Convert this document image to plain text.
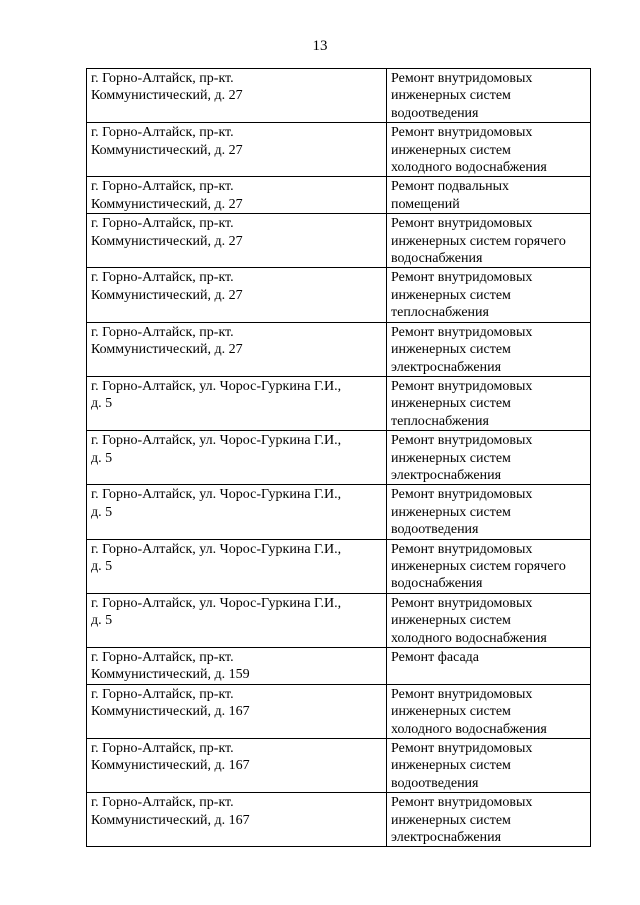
13
г. Горно-Алтайск, пр-кт.
Коммунистический, д. 27	Ремонт внутридомовых
инженерных систем
водоотведения

г. Горно-Алтайск, пр-кт.
Коммунистический, д. 27	Ремонт внутридомовых
инженерных систем
холодного водоснабжения

г. Горно-Алтайск, пр-кт.
Коммунистический, д. 27	Ремонт подвальных
помещений

г. Горно-Алтайск, пр-кт.
Коммунистический, д. 27	Ремонт внутридомовых
инженерных систем горячего
водоснабжения

г. Горно-Алтайск, пр-кт.
Коммунистический, д. 27	Ремонт внутридомовых
инженерных систем
теплоснабжения

г. Горно-Алтайск, пр-кт.
Коммунистический, д. 27	Ремонт внутридомовых
инженерных систем
электроснабжения

г. Горно-Алтайск, ул. Чорос-Гуркина Г.И.,
д. 5	Ремонт внутридомовых
инженерных систем
теплоснабжения

г. Горно-Алтайск, ул. Чорос-Гуркина Г.И.,
д. 5	Ремонт внутридомовых
инженерных систем
электроснабжения

г. Горно-Алтайск, ул. Чорос-Гуркина Г.И.,
д. 5	Ремонт внутридомовых
инженерных систем
водоотведения

г. Горно-Алтайск, ул. Чорос-Гуркина Г.И.,
д. 5	Ремонт внутридомовых
инженерных систем горячего
водоснабжения

г. Горно-Алтайск, ул. Чорос-Гуркина Г.И.,
д. 5	Ремонт внутридомовых
инженерных систем
холодного водоснабжения

г. Горно-Алтайск, пр-кт.
Коммунистический, д. 159	Ремонт фасада

г. Горно-Алтайск, пр-кт.
Коммунистический, д. 167	Ремонт внутридомовых
инженерных систем
холодного водоснабжения

г. Горно-Алтайск, пр-кт.
Коммунистический, д. 167	Ремонт внутридомовых
инженерных систем
водоотведения

г. Горно-Алтайск, пр-кт.
Коммунистический, д. 167	Ремонт внутридомовых
инженерных систем
электроснабжения
